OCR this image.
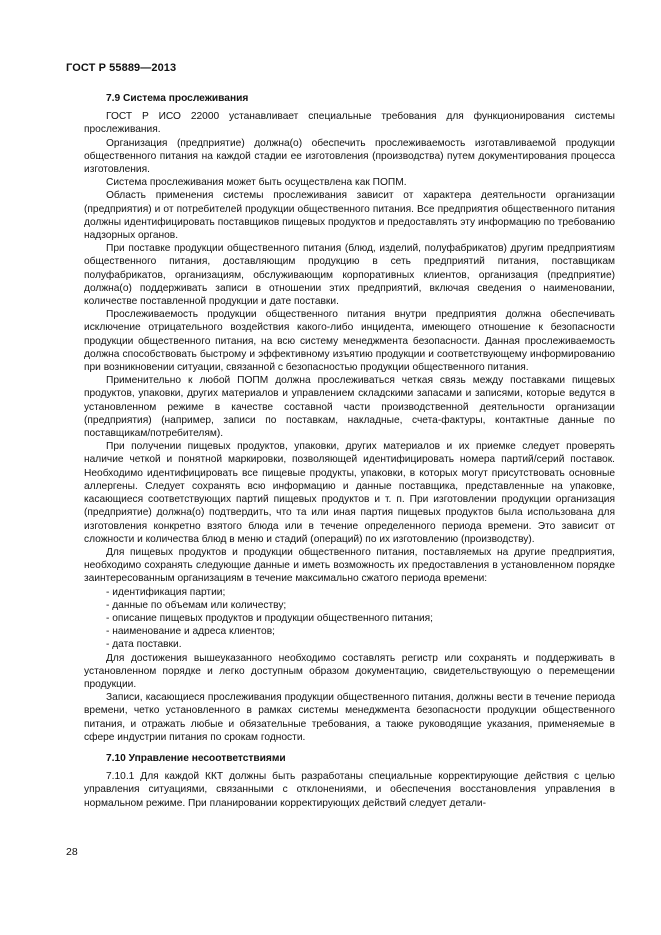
ГОСТ Р 55889—2013
7.9 Система прослеживания

ГОСТ Р ИСО 22000 устанавливает специальные требования для функционирования системы прослеживания.

Организация (предприятие) должна(о) обеспечить прослеживаемость изготавливаемой продукции общественного питания на каждой стадии ее изготовления (производства) путем документирования процесса изготовления.

Система прослеживания может быть осуществлена как ПОПМ.

Область применения системы прослеживания зависит от характера деятельности организации (предприятия) и от потребителей продукции общественного питания. Все предприятия общественного питания должны идентифицировать поставщиков пищевых продуктов и предоставлять эту информацию по требованию надзорных органов.

При поставке продукции общественного питания (блюд, изделий, полуфабрикатов) другим предприятиям общественного питания, доставляющим продукцию в сеть предприятий питания, поставщикам полуфабрикатов, организациям, обслуживающим корпоративных клиентов, организация (предприятие) должна(о) поддерживать записи в отношении этих предприятий, включая сведения о наименовании, количестве поставленной продукции и дате поставки.

Прослеживаемость продукции общественного питания внутри предприятия должна обеспечивать исключение отрицательного воздействия какого-либо инцидента, имеющего отношение к безопасности продукции общественного питания, на всю систему менеджмента безопасности. Данная прослеживаемость должна способствовать быстрому и эффективному изъятию продукции и соответствующему информированию при возникновении ситуации, связанной с безопасностью продукции общественного питания.

Применительно к любой ПОПМ должна прослеживаться четкая связь между поставками пищевых продуктов, упаковки, других материалов и управлением складскими запасами и записями, которые ведутся в установленном режиме в качестве составной части производственной деятельности организации (предприятия) (например, записи по поставкам, накладные, счета-фактуры, контактные данные по поставщикам/потребителям).

При получении пищевых продуктов, упаковки, других материалов и их приемке следует проверять наличие четкой и понятной маркировки, позволяющей идентифицировать номера партий/серий поставок. Необходимо идентифицировать все пищевые продукты, упаковки, в которых могут присутствовать основные аллергены. Следует сохранять всю информацию и данные поставщика, представленные на упаковке, касающиеся соответствующих партий пищевых продуктов и т. п. При изготовлении продукции организация (предприятие) должна(о) подтвердить, что та или иная партия пищевых продуктов была использована для изготовления конкретно взятого блюда или в течение определенного периода времени. Это зависит от сложности и количества блюд в меню и стадий (операций) по их изготовлению (производству).

Для пищевых продуктов и продукции общественного питания, поставляемых на другие предприятия, необходимо сохранять следующие данные и иметь возможность их предоставления в установленном порядке заинтересованным организациям в течение максимально сжатого периода времени:

- идентификация партии;
- данные по объемам или количеству;
- описание пищевых продуктов и продукции общественного питания;
- наименование и адреса клиентов;
- дата поставки.

Для достижения вышеуказанного необходимо составлять регистр или сохранять и поддерживать в установленном порядке и легко доступным образом документацию, свидетельствующую о перемещении продукции.

Записи, касающиеся прослеживания продукции общественного питания, должны вести в течение периода времени, четко установленного в рамках системы менеджмента безопасности продукции общественного питания, и отражать любые и обязательные требования, а также руководящие указания, применяемые в сфере индустрии питания по срокам годности.

7.10 Управление несоответствиями

7.10.1 Для каждой ККТ должны быть разработаны специальные корректирующие действия с целью управления ситуациями, связанными с отклонениями, и обеспечения восстановления управления в нормальном режиме. При планировании корректирующих действий следует детали-

28
